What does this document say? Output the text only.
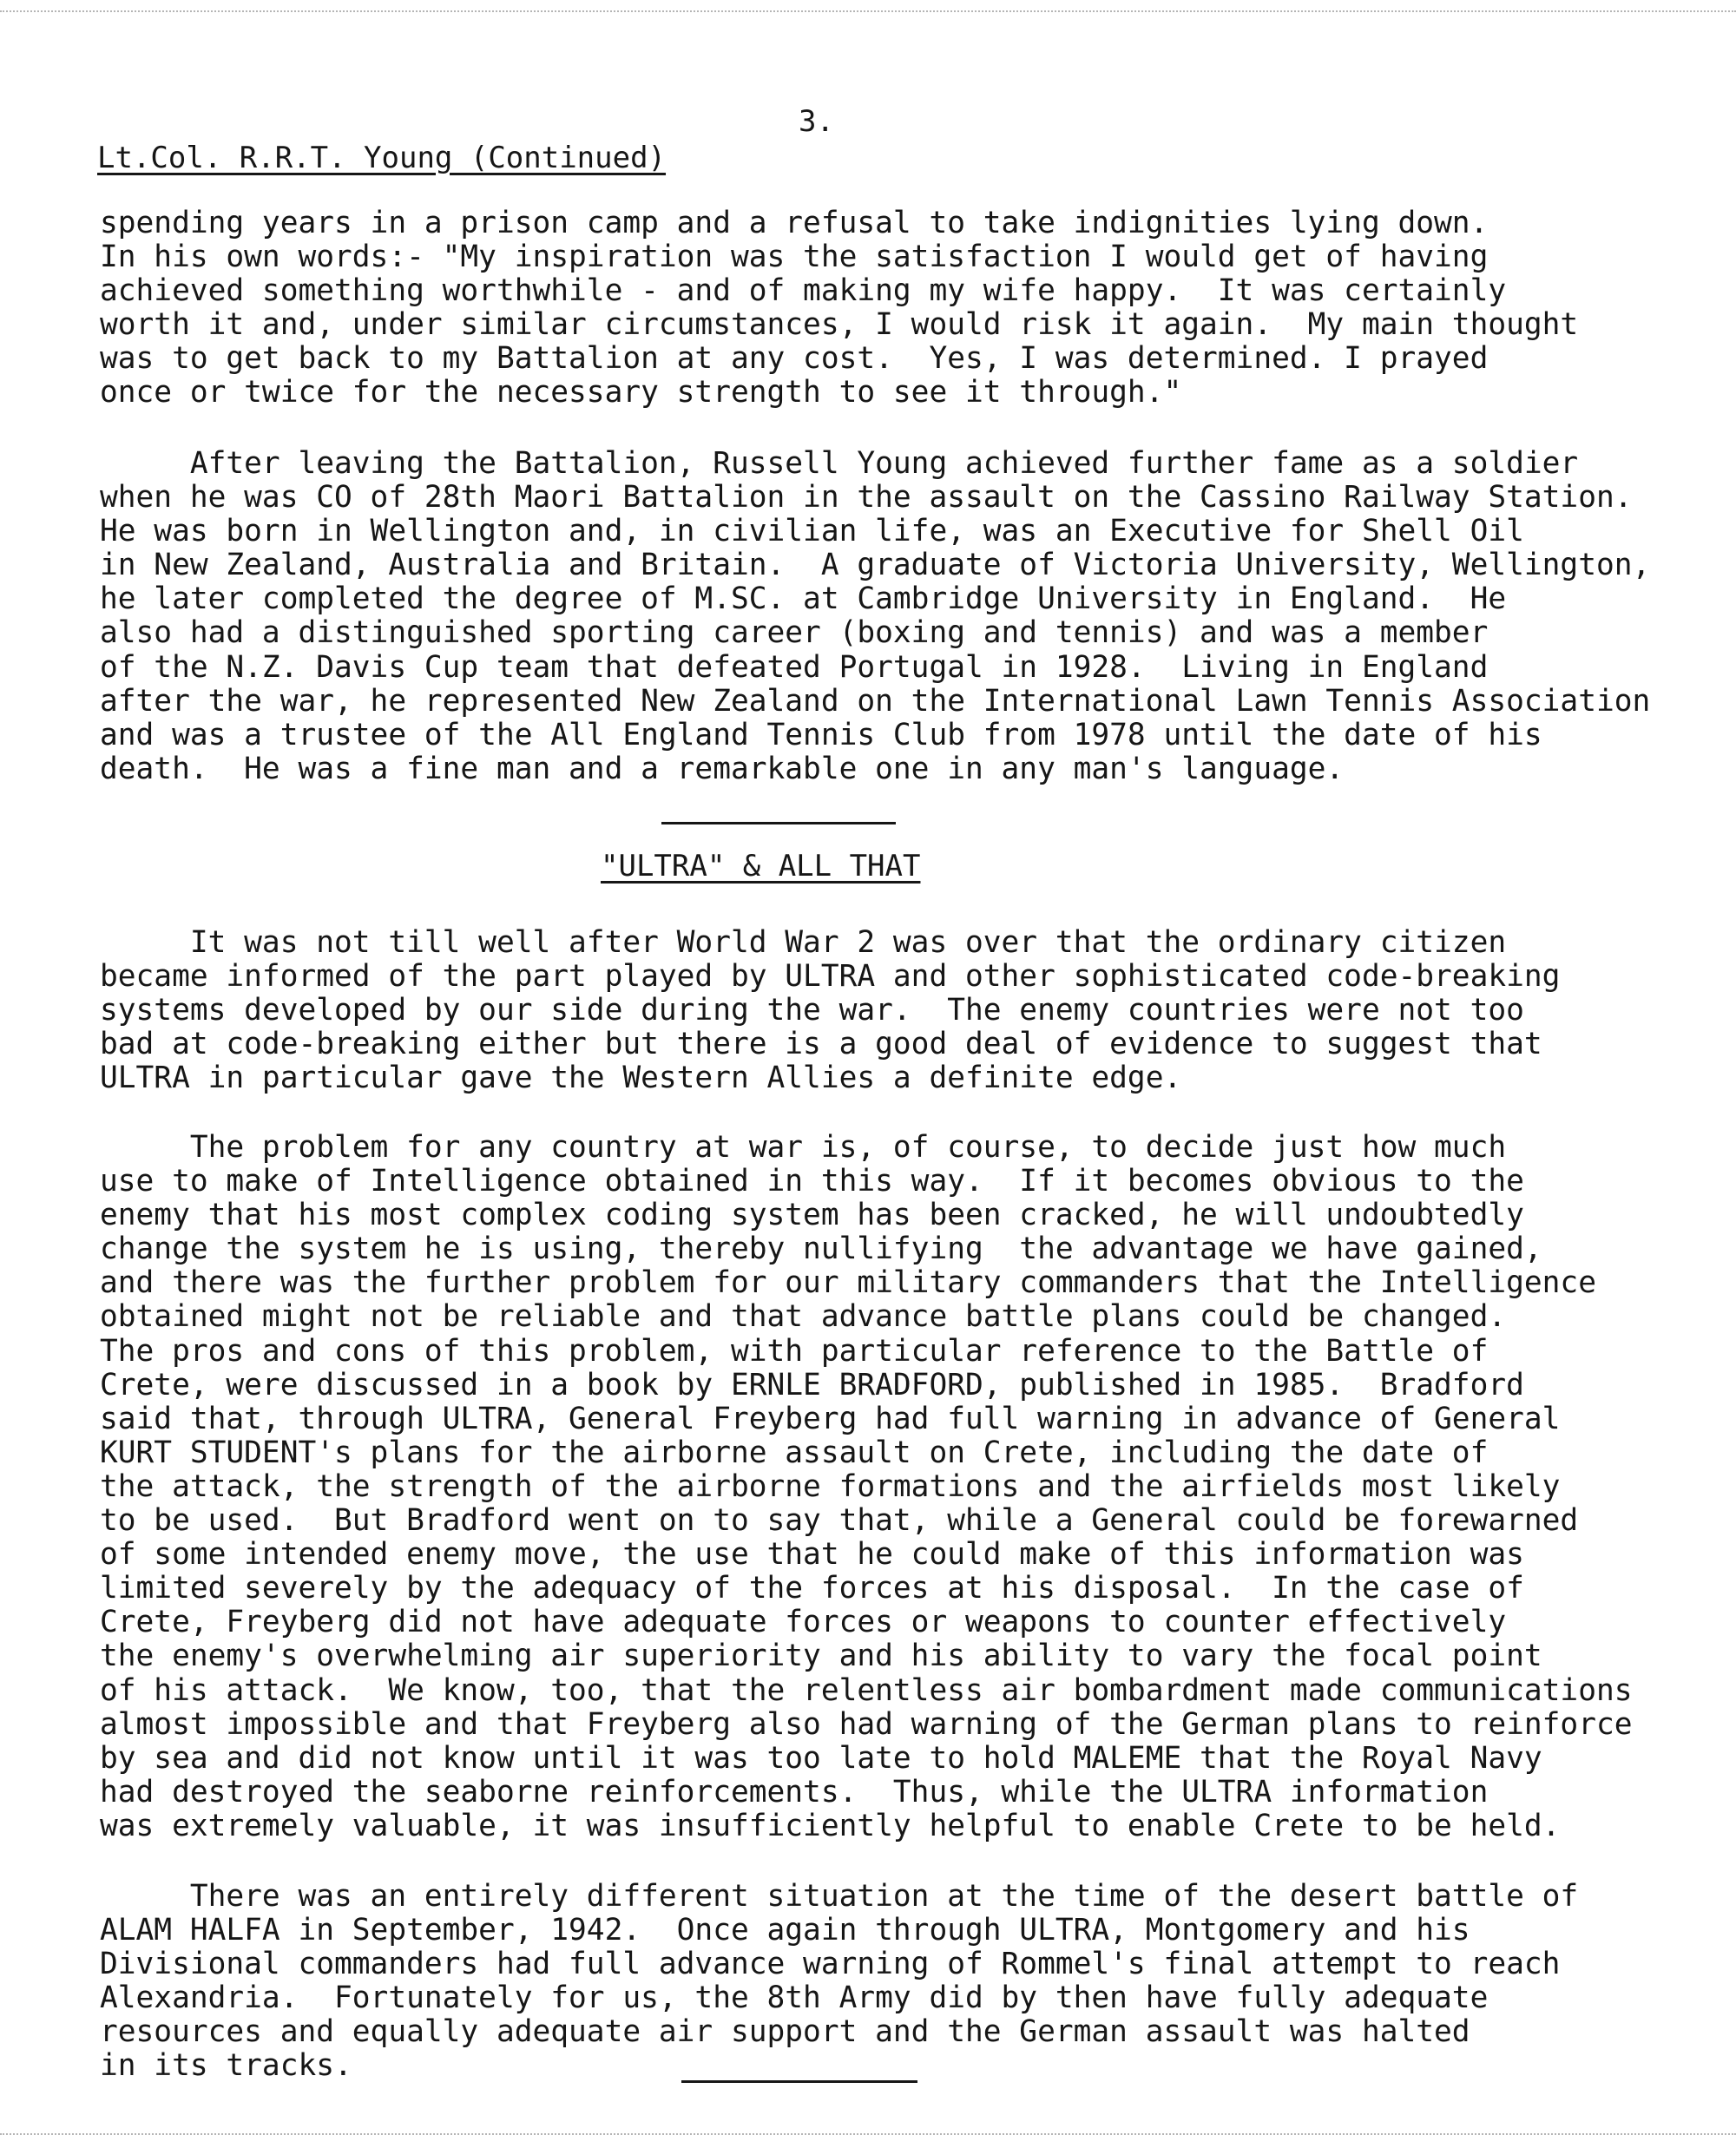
3.
Lt.Col. R.R.T. Young (Continued)
spending years in a prison camp and a refusal to take indignities lying down.
In his own words:- "My inspiration was the satisfaction I would get of having
achieved something worthwhile - and of making my wife happy.  It was certainly
worth it and, under similar circumstances, I would risk it again.  My main thought
was to get back to my Battalion at any cost.  Yes, I was determined. I prayed
once or twice for the necessary strength to see it through."
After leaving the Battalion, Russell Young achieved further fame as a soldier
when he was CO of 28th Maori Battalion in the assault on the Cassino Railway Station.
He was born in Wellington and, in civilian life, was an Executive for Shell Oil
in New Zealand, Australia and Britain.  A graduate of Victoria University, Wellington,
he later completed the degree of M.SC. at Cambridge University in England.  He
also had a distinguished sporting career (boxing and tennis) and was a member
of the N.Z. Davis Cup team that defeated Portugal in 1928.  Living in England
after the war, he represented New Zealand on the International Lawn Tennis Association
and was a trustee of the All England Tennis Club from 1978 until the date of his
death.  He was a fine man and a remarkable one in any man's language.
"ULTRA" & ALL THAT
It was not till well after World War 2 was over that the ordinary citizen
became informed of the part played by ULTRA and other sophisticated code-breaking
systems developed by our side during the war.  The enemy countries were not too
bad at code-breaking either but there is a good deal of evidence to suggest that
ULTRA in particular gave the Western Allies a definite edge.
The problem for any country at war is, of course, to decide just how much
use to make of Intelligence obtained in this way.  If it becomes obvious to the
enemy that his most complex coding system has been cracked, he will undoubtedly
change the system he is using, thereby nullifying  the advantage we have gained,
and there was the further problem for our military commanders that the Intelligence
obtained might not be reliable and that advance battle plans could be changed.
The pros and cons of this problem, with particular reference to the Battle of
Crete, were discussed in a book by ERNLE BRADFORD, published in 1985.  Bradford
said that, through ULTRA, General Freyberg had full warning in advance of General
KURT STUDENT's plans for the airborne assault on Crete, including the date of
the attack, the strength of the airborne formations and the airfields most likely
to be used.  But Bradford went on to say that, while a General could be forewarned
of some intended enemy move, the use that he could make of this information was
limited severely by the adequacy of the forces at his disposal.  In the case of
Crete, Freyberg did not have adequate forces or weapons to counter effectively
the enemy's overwhelming air superiority and his ability to vary the focal point
of his attack.  We know, too, that the relentless air bombardment made communications
almost impossible and that Freyberg also had warning of the German plans to reinforce
by sea and did not know until it was too late to hold MALEME that the Royal Navy
had destroyed the seaborne reinforcements.  Thus, while the ULTRA information
was extremely valuable, it was insufficiently helpful to enable Crete to be held.
There was an entirely different situation at the time of the desert battle of
ALAM HALFA in September, 1942.  Once again through ULTRA, Montgomery and his
Divisional commanders had full advance warning of Rommel's final attempt to reach
Alexandria.  Fortunately for us, the 8th Army did by then have fully adequate
resources and equally adequate air support and the German assault was halted
in its tracks.
